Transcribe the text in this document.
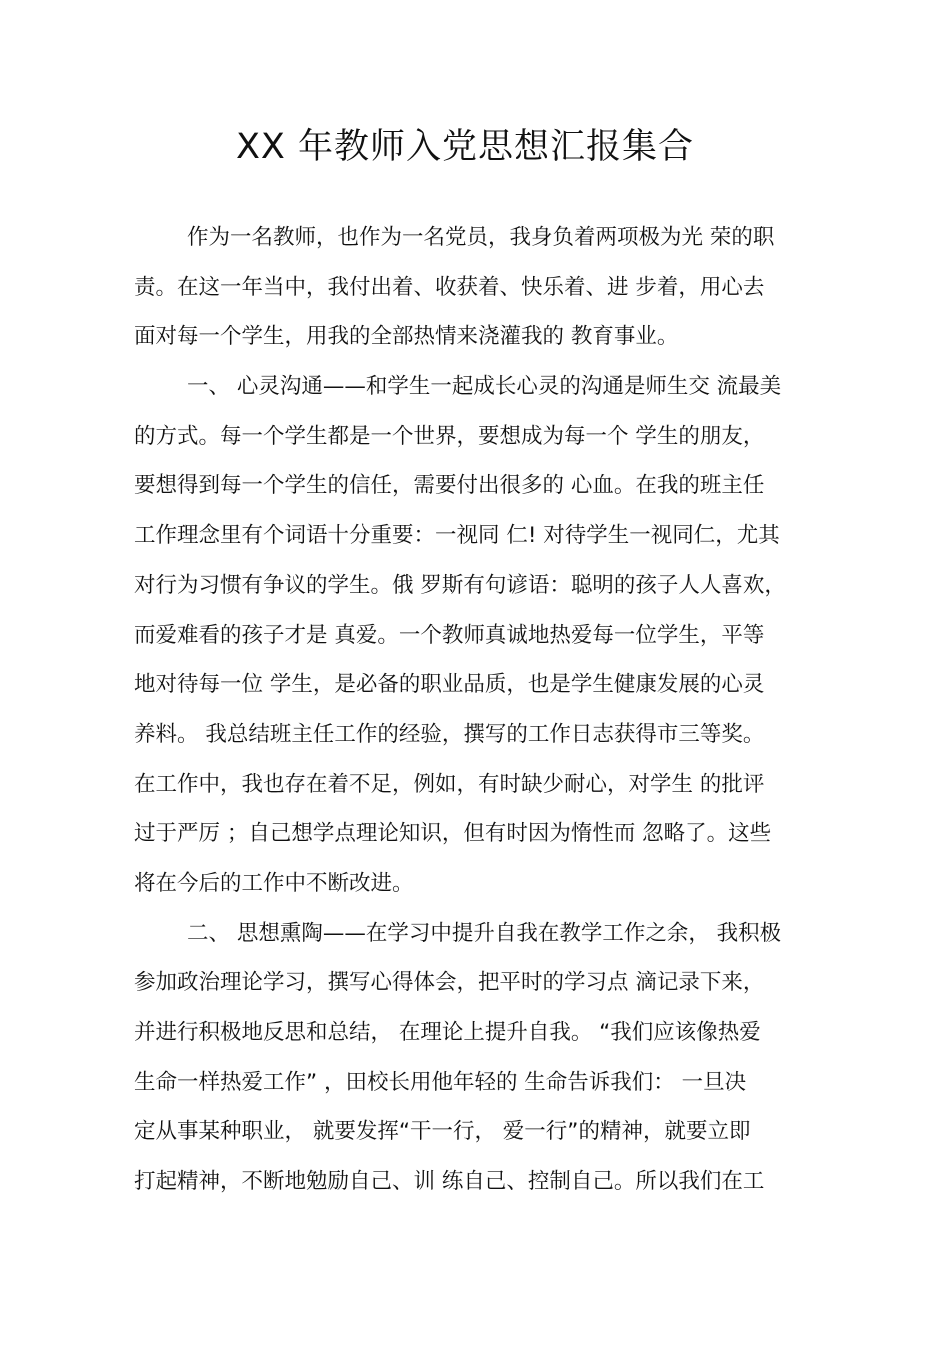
XX 年教师入党思想汇报集合
作为一名教师，也作为一名党员，我身负着两项极为光 荣的职
责。在这一年当中，我付出着、收获着、快乐着、进 步着，用心去
面对每一个学生，用我的全部热情来浇灌我的 教育事业。
一、 心灵沟通——和学生一起成长心灵的沟通是师生交 流最美
的方式。每一个学生都是一个世界，要想成为每一个 学生的朋友，
要想得到每一个学生的信任，需要付出很多的 心血。在我的班主任
工作理念里有个词语十分重要：一视同 仁! 对待学生一视同仁，尤其
对行为习惯有争议的学生。俄 罗斯有句谚语：聪明的孩子人人喜欢，
而爱难看的孩子才是 真爱。一个教师真诚地热爱每一位学生，平等
地对待每一位 学生，是必备的职业品质，也是学生健康发展的心灵
养料。 我总结班主任工作的经验，撰写的工作日志获得市三等奖。
在工作中，我也存在着不足，例如，有时缺少耐心，对学生 的批评
过于严厉 ；自己想学点理论知识，但有时因为惰性而 忽略了。这些
将在今后的工作中不断改进。
二、 思想熏陶——在学习中提升自我在教学工作之余， 我积极
参加政治理论学习，撰写心得体会，把平时的学习点 滴记录下来，
并进行积极地反思和总结， 在理论上提升自我。 “我们应该像热爱
生命一样热爱工作” ，田校长用他年轻的 生命告诉我们： 一旦决
定从事某种职业， 就要发挥“干一行， 爱一行”的精神，就要立即
打起精神，不断地勉励自己、训 练自己、控制自己。所以我们在工
